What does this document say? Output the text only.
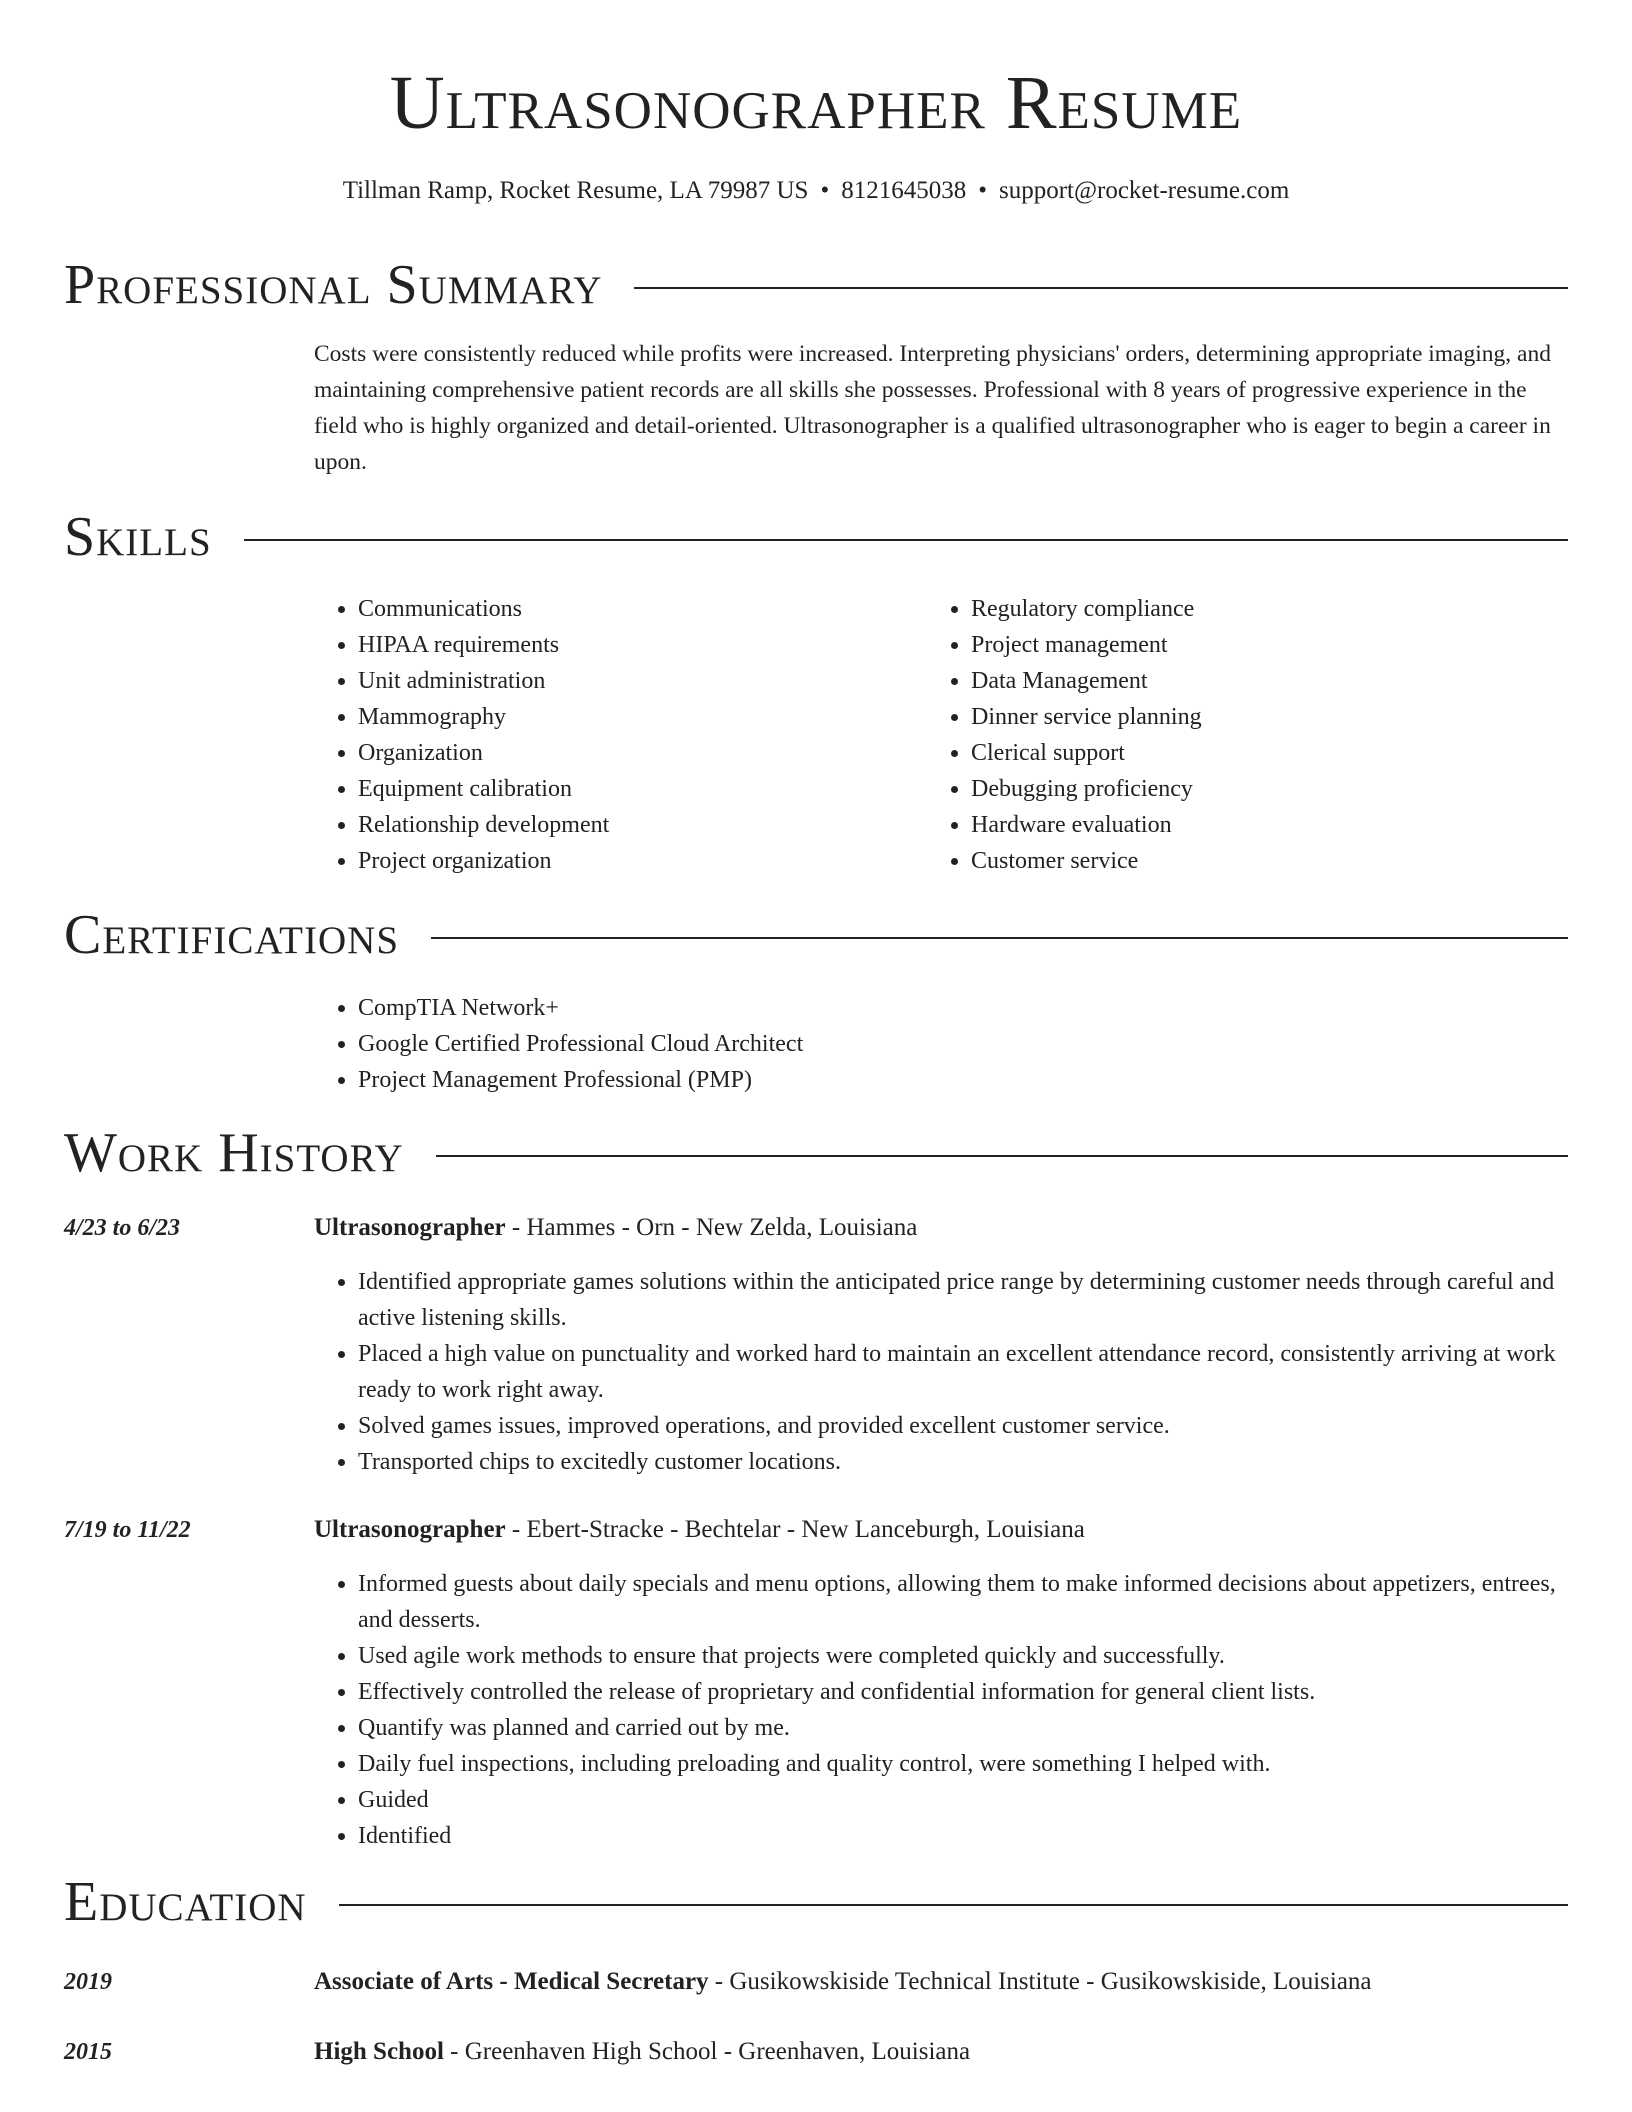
Ultrasonographer Resume
Tillman Ramp, Rocket Resume, LA 79987 US • 8121645038 • support@rocket-resume.com
Professional Summary
Costs were consistently reduced while profits were increased. Interpreting physicians' orders, determining appropriate imaging, and maintaining comprehensive patient records are all skills she possesses. Professional with 8 years of progressive experience in the field who is highly organized and detail-oriented. Ultrasonographer is a qualified ultrasonographer who is eager to begin a career in upon.
Skills
• Communications
• HIPAA requirements
• Unit administration
• Mammography
• Organization
• Equipment calibration
• Relationship development
• Project organization
• Regulatory compliance
• Project management
• Data Management
• Dinner service planning
• Clerical support
• Debugging proficiency
• Hardware evaluation
• Customer service
Certifications
• CompTIA Network+
• Google Certified Professional Cloud Architect
• Project Management Professional (PMP)
Work History
4/23 to 6/23	Ultrasonographer - Hammes - Orn - New Zelda, Louisiana
• Identified appropriate games solutions within the anticipated price range by determining customer needs through careful and active listening skills.
• Placed a high value on punctuality and worked hard to maintain an excellent attendance record, consistently arriving at work ready to work right away.
• Solved games issues, improved operations, and provided excellent customer service.
• Transported chips to excitedly customer locations.
7/19 to 11/22	Ultrasonographer - Ebert-Stracke - Bechtelar - New Lanceburgh, Louisiana
• Informed guests about daily specials and menu options, allowing them to make informed decisions about appetizers, entrees, and desserts.
• Used agile work methods to ensure that projects were completed quickly and successfully.
• Effectively controlled the release of proprietary and confidential information for general client lists.
• Quantify was planned and carried out by me.
• Daily fuel inspections, including preloading and quality control, were something I helped with.
• Guided
• Identified
Education
2019	Associate of Arts - Medical Secretary - Gusikowskiside Technical Institute - Gusikowskiside, Louisiana
2015	High School - Greenhaven High School - Greenhaven, Louisiana
